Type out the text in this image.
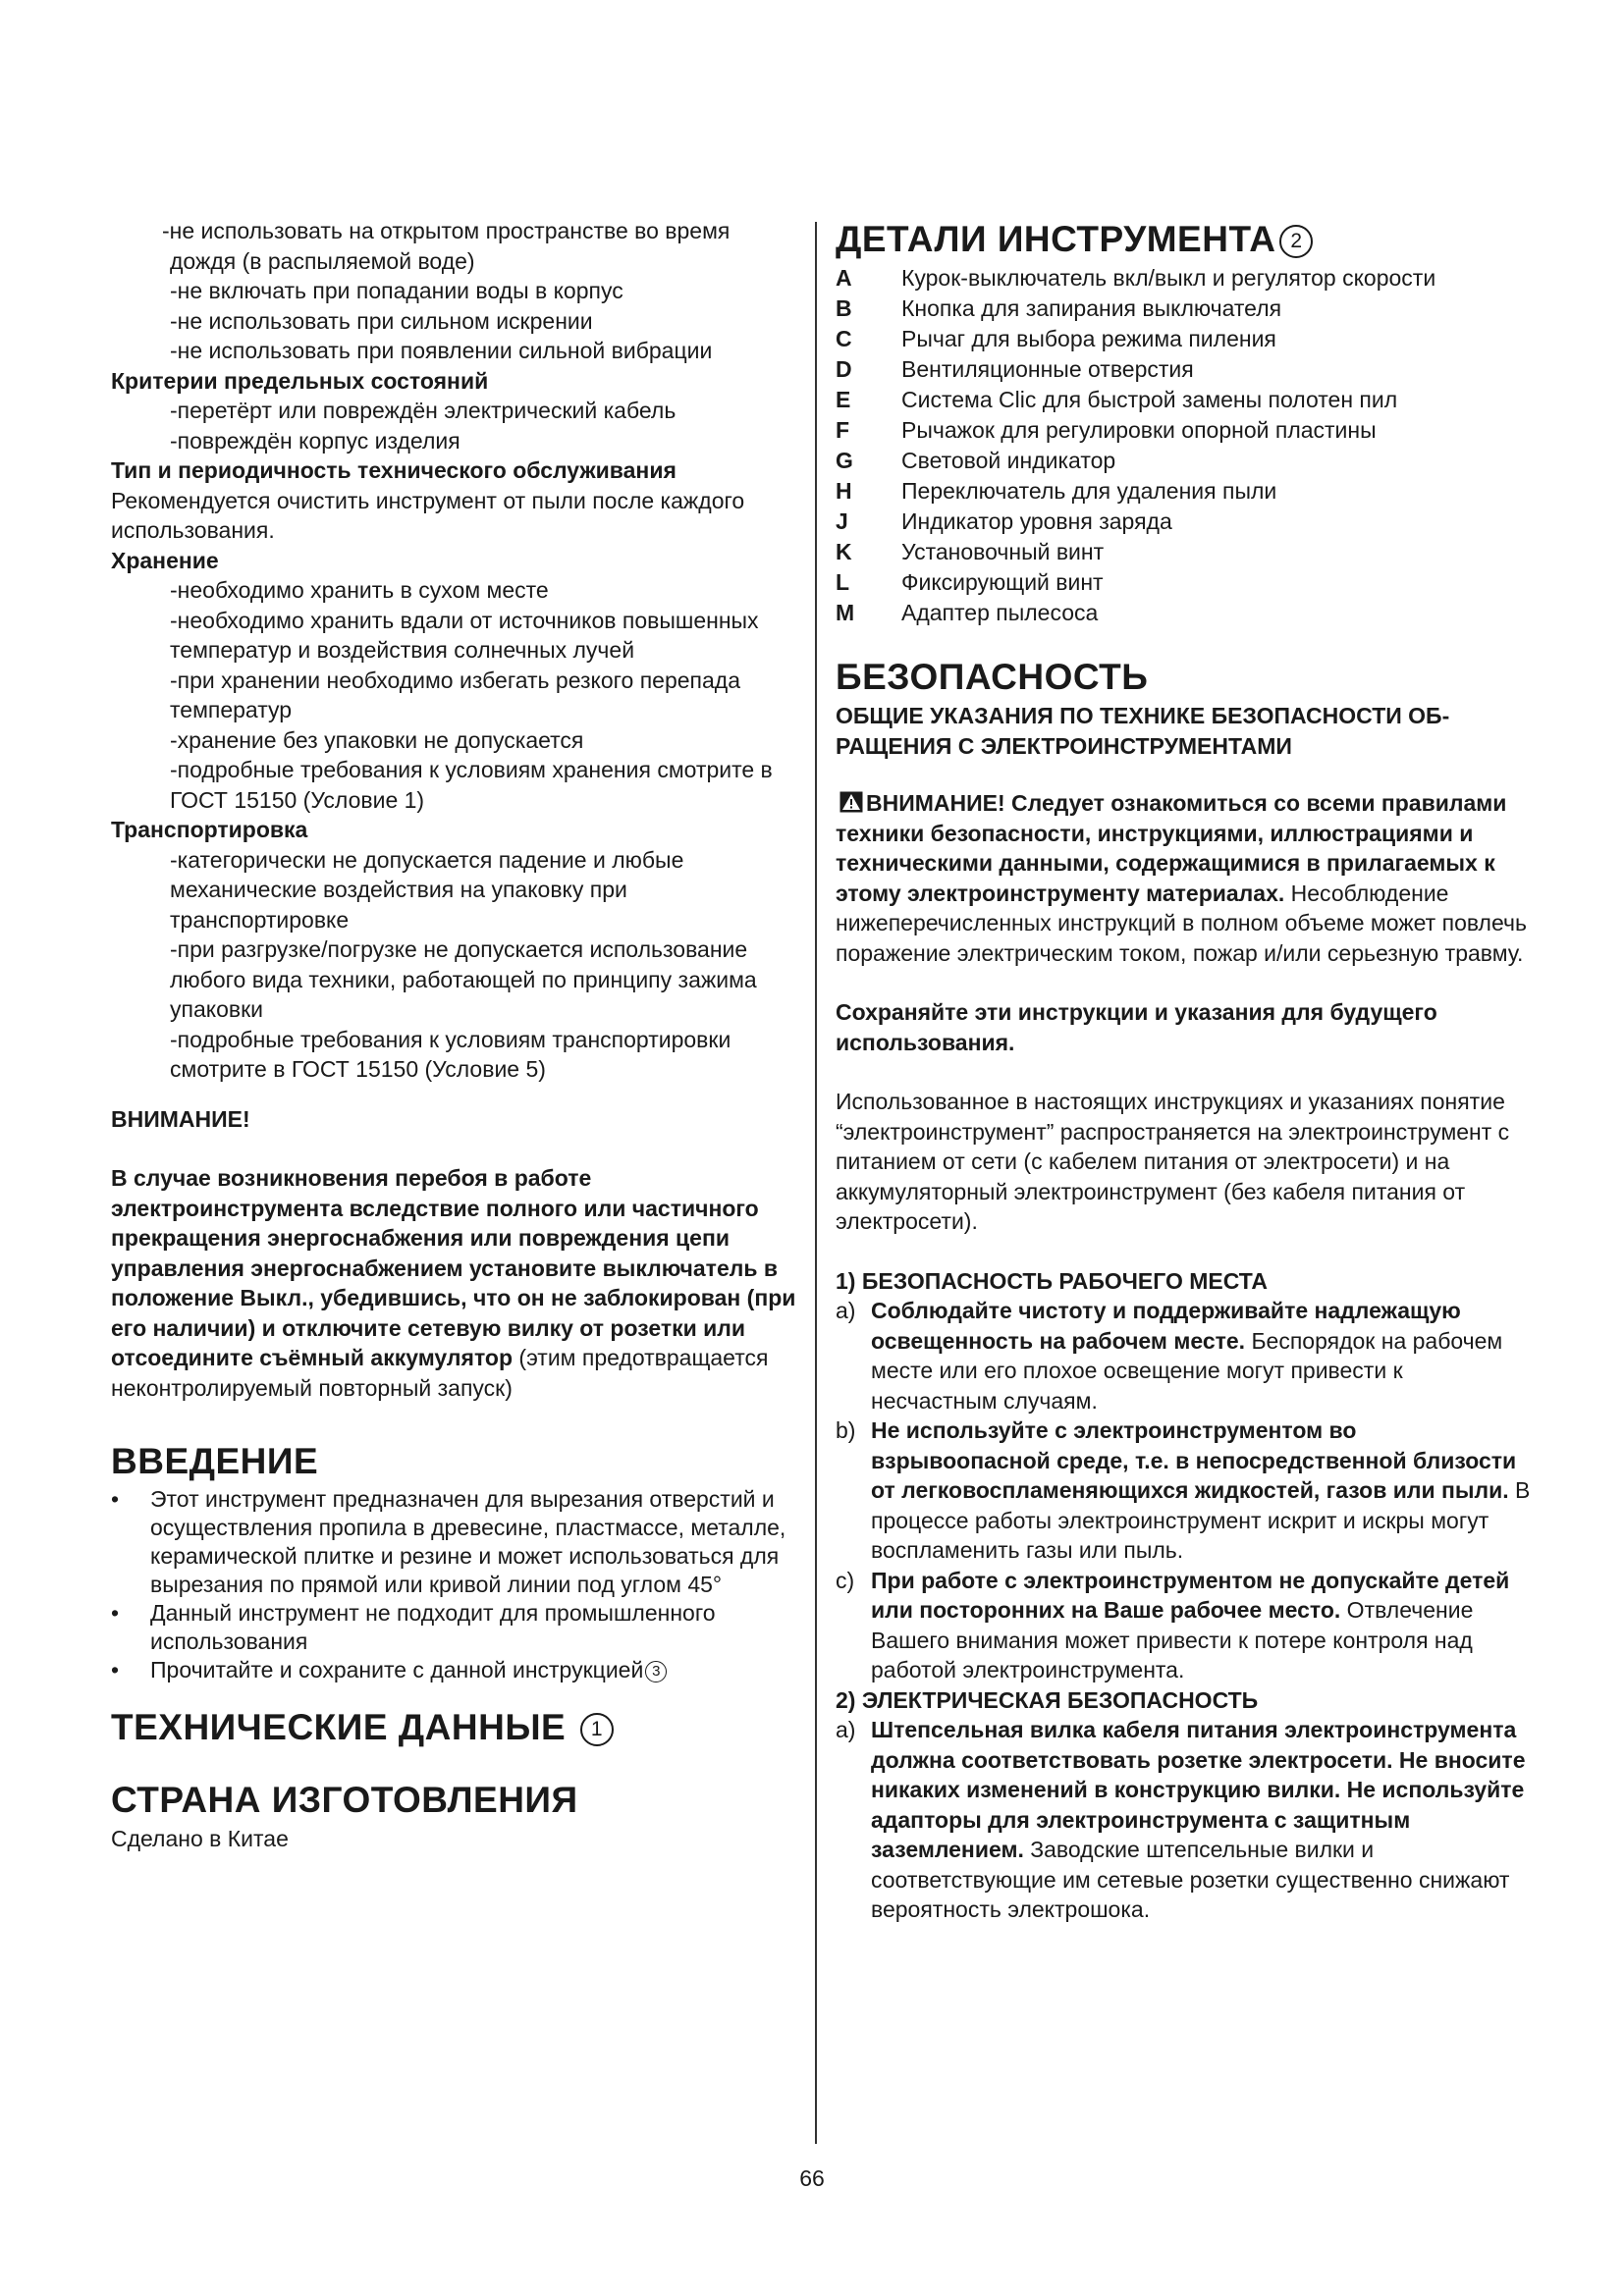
-не использовать на открытом пространстве во время дождя (в распыляемой воде)

-не включать при попадании воды в корпус

-не использовать при сильном искрении

-не использовать при появлении сильной вибрации

Критерии предельных состояний

-перетёрт или повреждён электрический кабель

-повреждён корпус изделия

Тип и периодичность технического обслуживания

Рекомендуется очистить инструмент от пыли после каждого использования.

Хранение

-необходимо хранить в сухом месте

-необходимо хранить вдали от источников повышенных температур и воздействия солнечных лучей

-при хранении необходимо избегать резкого перепада температур

-хранение без упаковки не допускается

-подробные требования к условиям хранения смотрите в ГОСТ 15150 (Условие 1)

Транспортировка

-категорически не допускается падение и любые механические воздействия на упаковку при транспортировке

-при разгрузке/погрузке не допускается использование любого вида техники, работающей по принципу зажима упаковки

-подробные требования к условиям транспортировки смотрите в ГОСТ 15150 (Условие 5)

ВНИМАНИЕ!

В случае возникновения перебоя в работе электроинструмента вследствие полного или частичного прекращения энергоснабжения или повреждения цепи управления энергоснабжением установите выключатель в положение Выкл., убедившись, что он не заблокирован (при его наличии) и отключите сетевую вилку от розетки или отсоедините съёмный аккумулятор (этим предотвращается неконтролируемый повторный запуск)

ВВЕДЕНИЕ
•	Этот инструмент предназначен для вырезания отверстий и осуществления пропила в древесине, пластмассе, металле, керамической плитке и резине и может использоваться для вырезания по прямой или кривой линии под углом 45°
•	Данный инструмент не подходит для промышленного использования
•	Прочитайте и сохраните с данной инструкцией 3
ТЕХНИЧЕСКИЕ ДАННЫЕ 1
СТРАНА ИЗГОТОВЛЕНИЯ

Сделано в Китае

ДЕТАЛИ ИНСТРУМЕНТА 2
A	Курок-выключатель вкл/выкл и регулятор скорости
B	Кнопка для запирания выключателя
C	Рычаг для выбора режима пиления
D	Вентиляционные отверстия
E	Система Clic для быстрой замены полотен пил
F	Рычажок для регулировки опорной пластины
G	Световой индикатор
H	Переключатель для удаления пыли
J	Индикатор уровня заряда
K	Установочный винт
L	Фиксирующий винт
M	Адаптер пылесоса
БЕЗОПАСНОСТЬ

ОБЩИЕ УКАЗАНИЯ ПО ТЕХНИКЕ БЕЗОПАСНОСТИ ОБ- РАЩЕНИЯ С ЭЛЕКТРОИНСТРУМЕНТАМИ

ВНИМАНИЕ! Следует ознакомиться со всеми правилами техники безопасности, инструкциями, иллюстрациями и техническими данными, содержащимися в прилагаемых к этому электроинструменту материалах. Несоблюдение нижеперечисленных инструкций в полном объеме может повлечь поражение электрическим током, пожар и/или серьезную травму.

Сохраняйте эти инструкции и указания для будущего использования.

Использованное в настоящих инструкциях и указаниях понятие “электроинструмент” распространяется на электроинструмент с питанием от сети (с кабелем питания от электросети) и на аккумуляторный электроинструмент (без кабеля питания от электросети).

1) БЕЗОПАСНОСТЬ РАБОЧЕГО МЕСТА

a) Соблюдайте чистоту и поддерживайте надлежащую освещенность на рабочем месте. Беспорядок на рабочем месте или его плохое освещение могут привести к несчастным случаям.
b) Не используйте с электроинструментом во взрывоопасной среде, т.е. в непосредственной близости от легковоспламеняющихся жидкостей, газов или пыли. В процессе работы электроинструмент искрит и искры могут воспламенить газы или пыль.
c) При работе с электроинструментом не допускайте детей или посторонних на Ваше рабочее место. Отвлечение Вашего внимания может привести к потере контроля над работой электроинструмента.

2) ЭЛЕКТРИЧЕСКАЯ БЕЗОПАСНОСТЬ

a) Штепсельная вилка кабеля питания электроинструмента должна соответствовать розетке электросети. Не вносите никаких изменений в конструкцию вилки. Не используйте адапторы для электроинструмента с защитным заземлением. Заводские штепсельные вилки и соответствующие им сетевые розетки существенно снижают вероятность электрошока.
66
